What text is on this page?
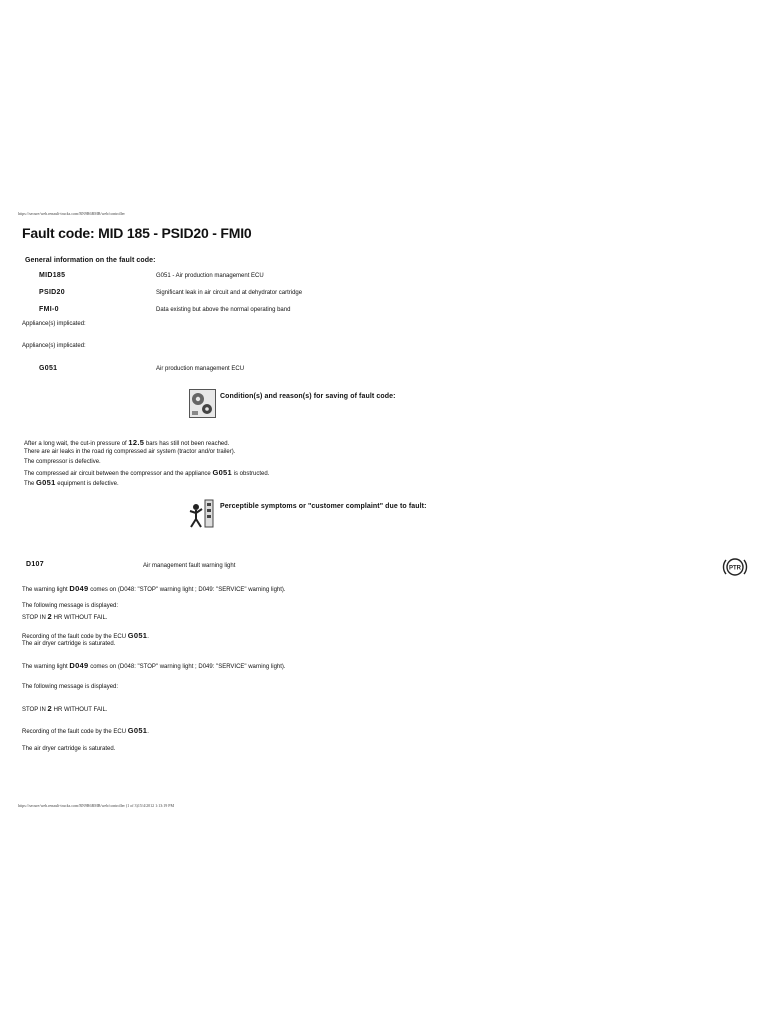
https://secure/web.renault-trucks.com/RN9R6BMB/web/controller
Fault code: MID 185 - PSID20 - FMI0
General information on the fault code:
MID185	G051 - Air production management ECU
PSID20	Significant leak in air circuit and at dehydrator cartridge
FMI-0	Data existing but above the normal operating band
Appliance(s) implicated:
Appliance(s) implicated:
G051	Air production management ECU
Condition(s) and reason(s) for saving of fault code:
After a long wait, the cut-in pressure of 12.5 bars has still not been reached.
There are air leaks in the road rig compressed air system (tractor and/or trailer).
The compressor is defective.
The compressed air circuit between the compressor and the appliance G051 is obstructed.
The G051 equipment is defective.
Perceptible symptoms or "customer complaint" due to fault:
D107	Air management fault warning light	PTR
The warning light D049 comes on (D048: "STOP" warning light ; D049: "SERVICE" warning light).
The following message is displayed:
STOP IN 2 HR WITHOUT FAIL.
Recording of the fault code by the ECU G051.
The air dryer cartridge is saturated.
The warning light D049 comes on (D048: "STOP" warning light ; D049: "SERVICE" warning light).
The following message is displayed:
STOP IN 2 HR WITHOUT FAIL.
Recording of the fault code by the ECU G051.
The air dryer cartridge is saturated.
https://secure/web.renault-trucks.com/RN9R6BMB/web/controller (1 of 3)15/4/2012 1:13:19 PM
